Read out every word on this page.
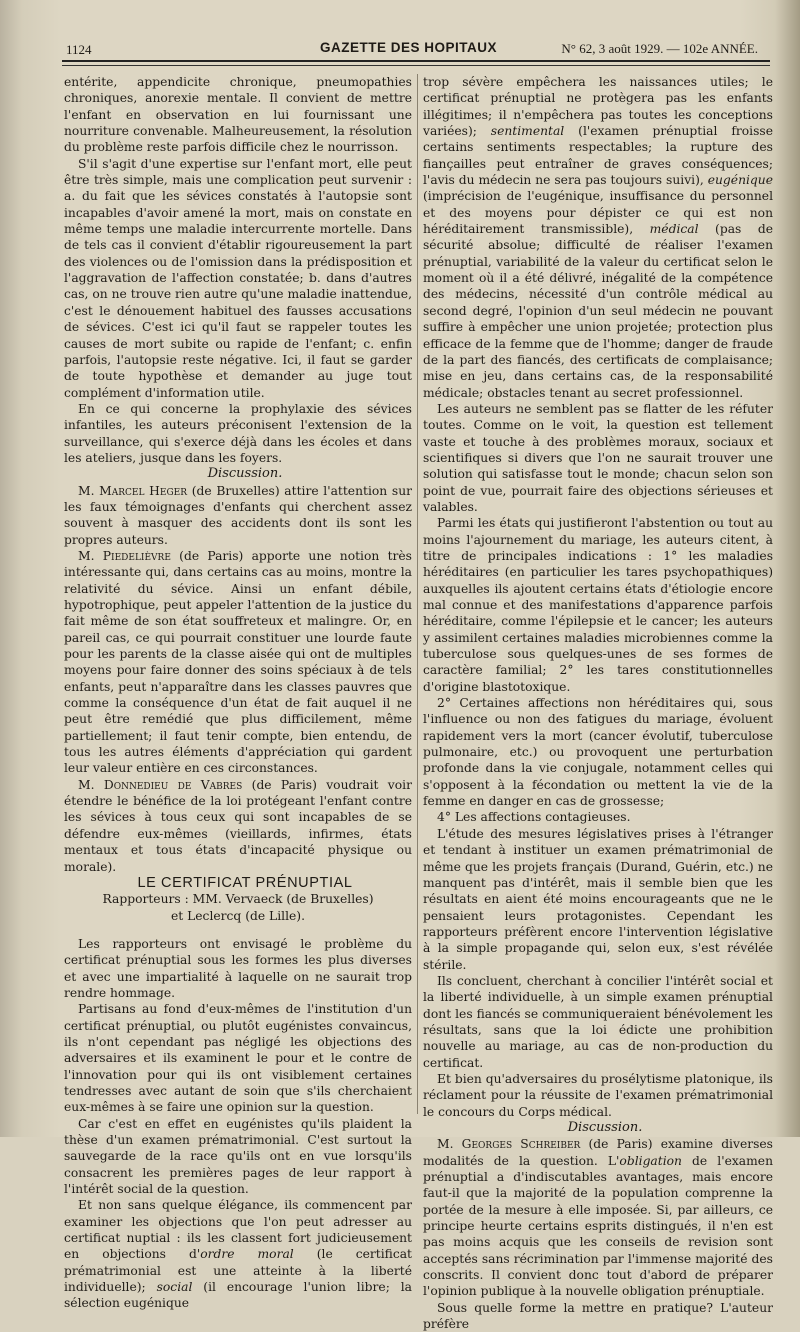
1124	GAZETTE DES HOPITAUX	N° 62, 3 août 1929. — 102e ANNÉE.

entérite, appendicite chronique, pneumopathies chroniques, anorexie mentale. Il convient de mettre l'enfant en observation en lui fournissant une nourriture convenable. Malheureusement, la résolution du problème reste parfois difficile chez le nourrisson.

S'il s'agit d'une expertise sur l'enfant mort, elle peut être très simple, mais une complication peut survenir : a. du fait que les sévices constatés à l'autopsie sont incapables d'avoir amené la mort, mais on constate en même temps une maladie intercurrente mortelle. Dans de tels cas il convient d'établir rigoureusement la part des violences ou de l'omission dans la prédisposition et l'aggravation de l'affection constatée; b. dans d'autres cas, on ne trouve rien autre qu'une maladie inattendue, c'est le dénouement habituel des fausses accusations de sévices. C'est ici qu'il faut se rappeler toutes les causes de mort subite ou rapide de l'enfant; c. enfin parfois, l'autopsie reste négative. Ici, il faut se garder de toute hypothèse et demander au juge tout complément d'information utile.

En ce qui concerne la prophylaxie des sévices infantiles, les auteurs préconisent l'extension de la surveillance, qui s'exerce déjà dans les écoles et dans les ateliers, jusque dans les foyers.

Discussion.

M. Marcel Heger (de Bruxelles) attire l'attention sur les faux témoignages d'enfants qui cherchent assez souvent à masquer des accidents dont ils sont les propres auteurs.

M. Piedelièvre (de Paris) apporte une notion très intéressante qui, dans certains cas au moins, montre la relativité du sévice. Ainsi un enfant débile, hypotrophique, peut appeler l'attention de la justice du fait même de son état souffreteux et malingre. Or, en pareil cas, ce qui pourrait constituer une lourde faute pour les parents de la classe aisée qui ont de multiples moyens pour faire donner des soins spéciaux à de tels enfants, peut n'apparaître dans les classes pauvres que comme la conséquence d'un état de fait auquel il ne peut être remédié que plus difficilement, même partiellement; il faut tenir compte, bien entendu, de tous les autres éléments d'appréciation qui gardent leur valeur entière en ces circonstances.

M. Donnedieu de Vabres (de Paris) voudrait voir étendre le bénéfice de la loi protégeant l'enfant contre les sévices à tous ceux qui sont incapables de se défendre eux-mêmes (vieillards, infirmes, états mentaux et tous états d'incapacité physique ou morale).

LE CERTIFICAT PRÉNUPTIAL

Rapporteurs : MM. Vervaeck (de Bruxelles)
et Leclercq (de Lille).

Les rapporteurs ont envisagé le problème du certificat prénuptial sous les formes les plus diverses et avec une impartialité à laquelle on ne saurait trop rendre hommage.

Partisans au fond d'eux-mêmes de l'institution d'un certificat prénuptial, ou plutôt eugénistes convaincus, ils n'ont cependant pas négligé les objections des adversaires et ils examinent le pour et le contre de l'innovation pour qui ils ont visiblement certaines tendresses avec autant de soin que s'ils cherchaient eux-mêmes à se faire une opinion sur la question.

Car c'est en effet en eugénistes qu'ils plaident la thèse d'un examen prématrimonial. C'est surtout la sauvegarde de la race qu'ils ont en vue lorsqu'ils consacrent les premières pages de leur rapport à l'intérêt social de la question.

Et non sans quelque élégance, ils commencent par examiner les objections que l'on peut adresser au certificat nuptial : ils les classent fort judicieusement en objections d'ordre moral (le certificat prématrimonial est une atteinte à la liberté individuelle); social (il encourage l'union libre; la sélection eugénique

trop sévère empêchera les naissances utiles; le certificat prénuptial ne protègera pas les enfants illégitimes; il n'empêchera pas toutes les conceptions variées); sentimental (l'examen prénuptial froisse certains sentiments respectables; la rupture des fiançailles peut entraîner de graves conséquences; l'avis du médecin ne sera pas toujours suivi), eugénique (imprécision de l'eugénique, insuffisance du personnel et des moyens pour dépister ce qui est non héréditairement transmissible), médical (pas de sécurité absolue; difficulté de réaliser l'examen prénuptial, variabilité de la valeur du certificat selon le moment où il a été délivré, inégalité de la compétence des médecins, nécessité d'un contrôle médical au second degré, l'opinion d'un seul médecin ne pouvant suffire à empêcher une union projetée; protection plus efficace de la femme que de l'homme; danger de fraude de la part des fiancés, des certificats de complaisance; mise en jeu, dans certains cas, de la responsabilité médicale; obstacles tenant au secret professionnel.

Les auteurs ne semblent pas se flatter de les réfuter toutes. Comme on le voit, la question est tellement vaste et touche à des problèmes moraux, sociaux et scientifiques si divers que l'on ne saurait trouver une solution qui satisfasse tout le monde; chacun selon son point de vue, pourrait faire des objections sérieuses et valables.

Parmi les états qui justifieront l'abstention ou tout au moins l'ajournement du mariage, les auteurs citent, à titre de principales indications : 1° les maladies héréditaires (en particulier les tares psychopathiques) auxquelles ils ajoutent certains états d'étiologie encore mal connue et des manifestations d'apparence parfois héréditaire, comme l'épilepsie et le cancer; les auteurs y assimilent certaines maladies microbiennes comme la tuberculose sous quelques-unes de ses formes de caractère familial; 2° les tares constitutionnelles d'origine blastotoxique.

2° Certaines affections non héréditaires qui, sous l'influence ou non des fatigues du mariage, évoluent rapidement vers la mort (cancer évolutif, tuberculose pulmonaire, etc.) ou provoquent une perturbation profonde dans la vie conjugale, notamment celles qui s'opposent à la fécondation ou mettent la vie de la femme en danger en cas de grossesse;

4° Les affections contagieuses.

L'étude des mesures législatives prises à l'étranger et tendant à instituer un examen prématrimonial de même que les projets français (Durand, Guérin, etc.) ne manquent pas d'intérêt, mais il semble bien que les résultats en aient été moins encourageants que ne le pensaient leurs protagonistes. Cependant les rapporteurs préfèrent encore l'intervention législative à la simple propagande qui, selon eux, s'est révélée stérile.

Ils concluent, cherchant à concilier l'intérêt social et la liberté individuelle, à un simple examen prénuptial dont les fiancés se communiqueraient bénévolement les résultats, sans que la loi édicte une prohibition nouvelle au mariage, au cas de non-production du certificat.

Et bien qu'adversaires du prosélytisme platonique, ils réclament pour la réussite de l'examen prématrimonial le concours du Corps médical.

Discussion.

M. Georges Schreiber (de Paris) examine diverses modalités de la question. L'obligation de l'examen prénuptial a d'indiscutables avantages, mais encore faut-il que la majorité de la population comprenne la portée de la mesure à elle imposée. Si, par ailleurs, ce principe heurte certains esprits distingués, il n'en est pas moins acquis que les conseils de revision sont acceptés sans récrimination par l'immense majorité des conscrits. Il convient donc tout d'abord de préparer l'opinion publique à la nouvelle obligation prénuptiale.

Sous quelle forme la mettre en pratique? L'auteur préfère
